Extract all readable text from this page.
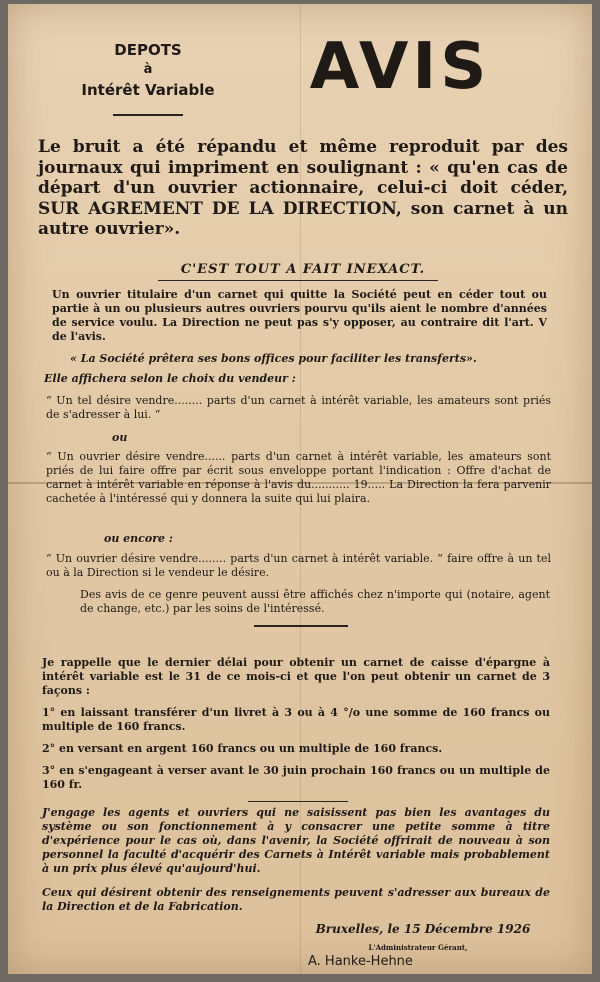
DEPOTS
à
Intérêt Variable	AVIS

Le bruit a été répandu et même reproduit par des journaux qui impriment en soulignant : « qu'en cas de départ d'un ouvrier actionnaire, celui-ci doit céder, SUR AGREMENT DE LA DIRECTION, son carnet à un autre ouvrier».

C'EST TOUT A FAIT INEXACT.

Un ouvrier titulaire d'un carnet qui quitte la Société peut en céder tout ou partie à un ou plusieurs autres ouvriers pourvu qu'ils aient le nombre d'années de service voulu. La Direction ne peut pas s'y opposer, au contraire dit l'art. V de l'avis.

« La Société prêtera ses bons offices pour faciliter les transferts».

Elle affichera selon le choix du vendeur :

“ Un tel désire vendre........ parts d'un carnet à intérêt variable, les amateurs sont priés de s'adresser à lui. “

ou

“ Un ouvrier désire vendre...... parts d'un carnet à intérêt variable, les amateurs sont priés de lui faire offre par écrit sous enveloppe portant l'indication : Offre d'achat de carnet à intérêt variable en réponse à l'avis du........... 19..... La Direction la fera parvenir cachetée à l'intéressé qui y donnera la suite qui lui plaira.

ou encore :

“ Un ouvrier désire vendre........ parts d'un carnet à intérêt variable. “ faire offre à un tel ou à la Direction si le vendeur le désire.

Des avis de ce genre peuvent aussi être affichés chez n'importe qui (notaire, agent de change, etc.) par les soins de l'intéressé.

Je rappelle que le dernier délai pour obtenir un carnet de caisse d'épargne à intérêt variable est le 31 de ce mois-ci et que l'on peut obtenir un carnet de 3 façons :

1° en laissant transférer d'un livret à 3 ou à 4 °/o une somme de 160 francs ou multiple de 160 francs.

2° en versant en argent 160 francs ou un multiple de 160 francs.

3° en s'engageant à verser avant le 30 juin prochain 160 francs ou un multiple de 160 fr.

J'engage les agents et ouvriers qui ne saisissent pas bien les avantages du système ou son fonctionnement à y consacrer une petite somme à titre d'expérience pour le cas où, dans l'avenir, la Société offrirait de nouveau à son personnel la faculté d'acquérir des Carnets à Intérêt variable mais probablement à un prix plus élevé qu'aujourd'hui.

Ceux qui désirent obtenir des renseignements peuvent s'adresser aux bureaux de la Direction et de la Fabrication.

Bruxelles, le 15 Décembre 1926
L'Administrateur Gérant,
A. Hanke-Hehne
